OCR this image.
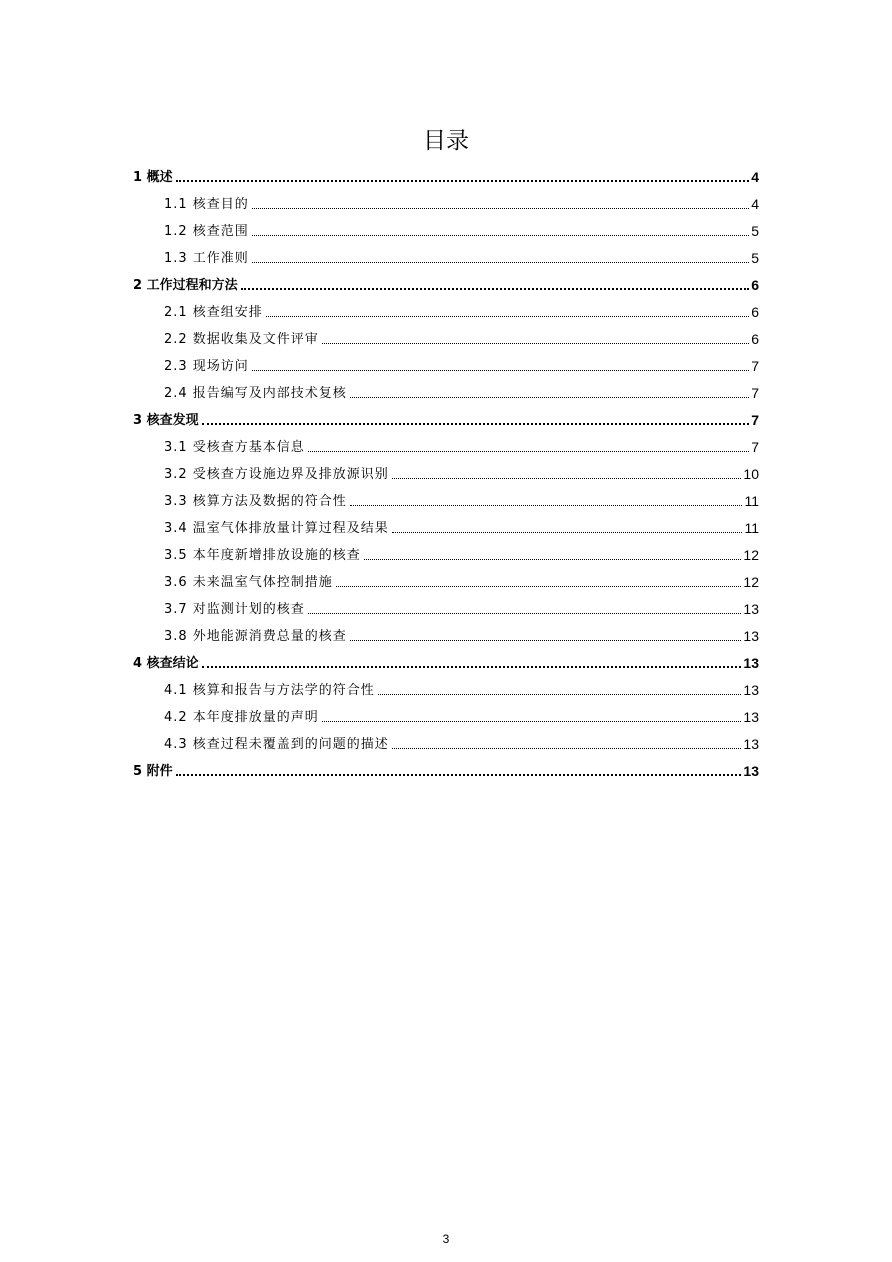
目录
1 概述	4
1.1 核查目的	4
1.2 核查范围	5
1.3 工作准则	5
2 工作过程和方法	6
2.1 核查组安排	6
2.2 数据收集及文件评审	6
2.3 现场访问	7
2.4 报告编写及内部技术复核	7
3 核查发现	7
3.1 受核查方基本信息	7
3.2 受核查方设施边界及排放源识别	10
3.3 核算方法及数据的符合性	11
3.4 温室气体排放量计算过程及结果	11
3.5 本年度新增排放设施的核查	12
3.6 未来温室气体控制措施	12
3.7 对监测计划的核查	13
3.8 外地能源消费总量的核查	13
4 核查结论	13
4.1 核算和报告与方法学的符合性	13
4.2 本年度排放量的声明	13
4.3 核查过程未覆盖到的问题的描述	13
5 附件	13
3
